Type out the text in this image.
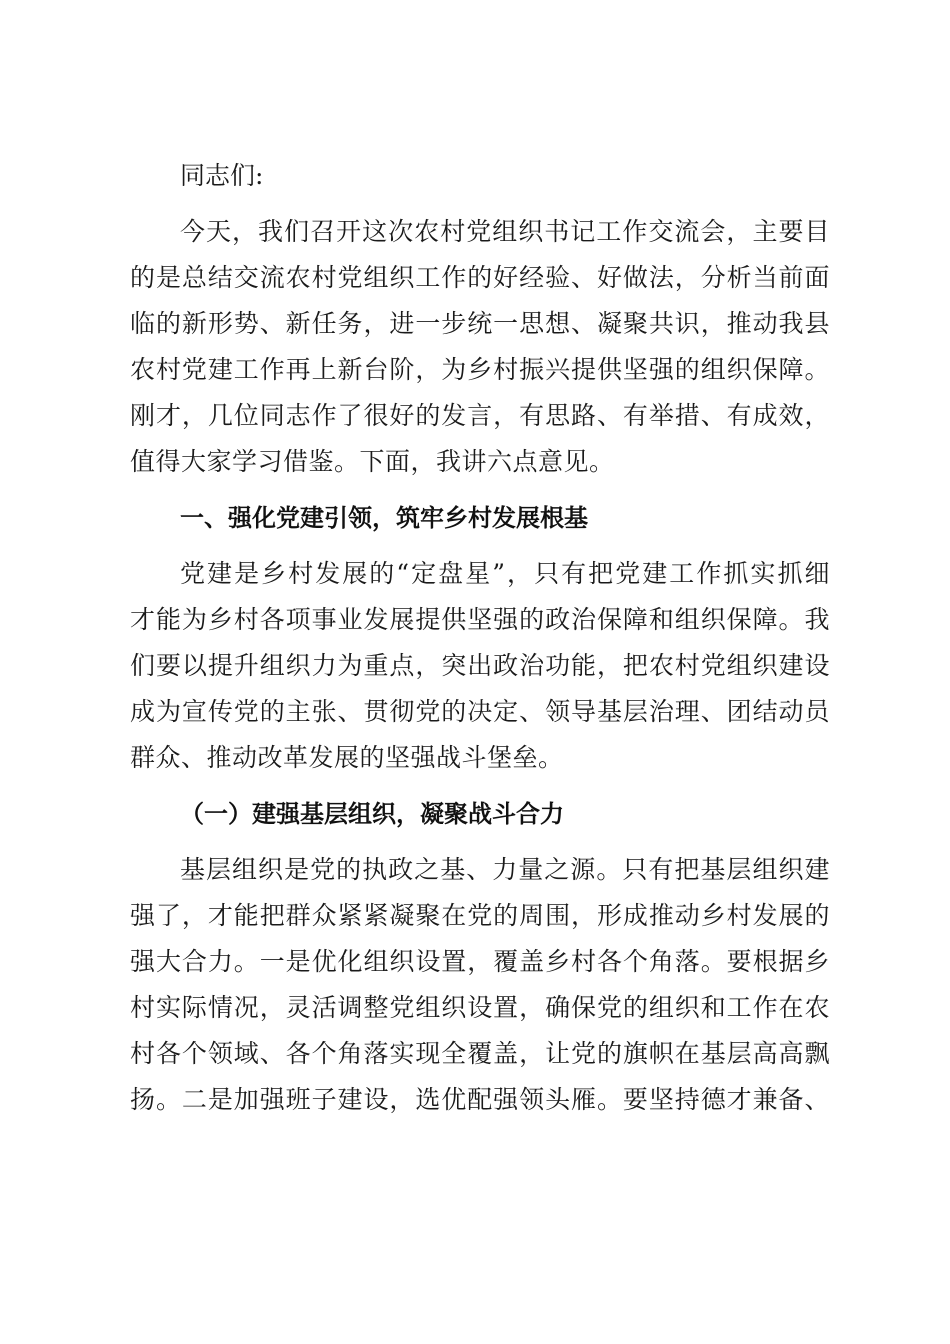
同志们:
今天，我们召开这次农村党组织书记工作交流会，主要目
的是总结交流农村党组织工作的好经验、好做法，分析当前面
临的新形势、新任务，进一步统一思想、凝聚共识，推动我县
农村党建工作再上新台阶，为乡村振兴提供坚强的组织保障。
刚才，几位同志作了很好的发言，有思路、有举措、有成效，
值得大家学习借鉴。下面，我讲六点意见。
一、强化党建引领，筑牢乡村发展根基
党建是乡村发展的“定盘星”，只有把党建工作抓实抓细
才能为乡村各项事业发展提供坚强的政治保障和组织保障。我
们要以提升组织力为重点，突出政治功能，把农村党组织建设
成为宣传党的主张、贯彻党的决定、领导基层治理、团结动员
群众、推动改革发展的坚强战斗堡垒。
（一）建强基层组织，凝聚战斗合力
基层组织是党的执政之基、力量之源。只有把基层组织建
强了，才能把群众紧紧凝聚在党的周围，形成推动乡村发展的
强大合力。一是优化组织设置，覆盖乡村各个角落。要根据乡
村实际情况，灵活调整党组织设置，确保党的组织和工作在农
村各个领域、各个角落实现全覆盖，让党的旗帜在基层高高飘
扬。二是加强班子建设，选优配强领头雁。要坚持德才兼备、
